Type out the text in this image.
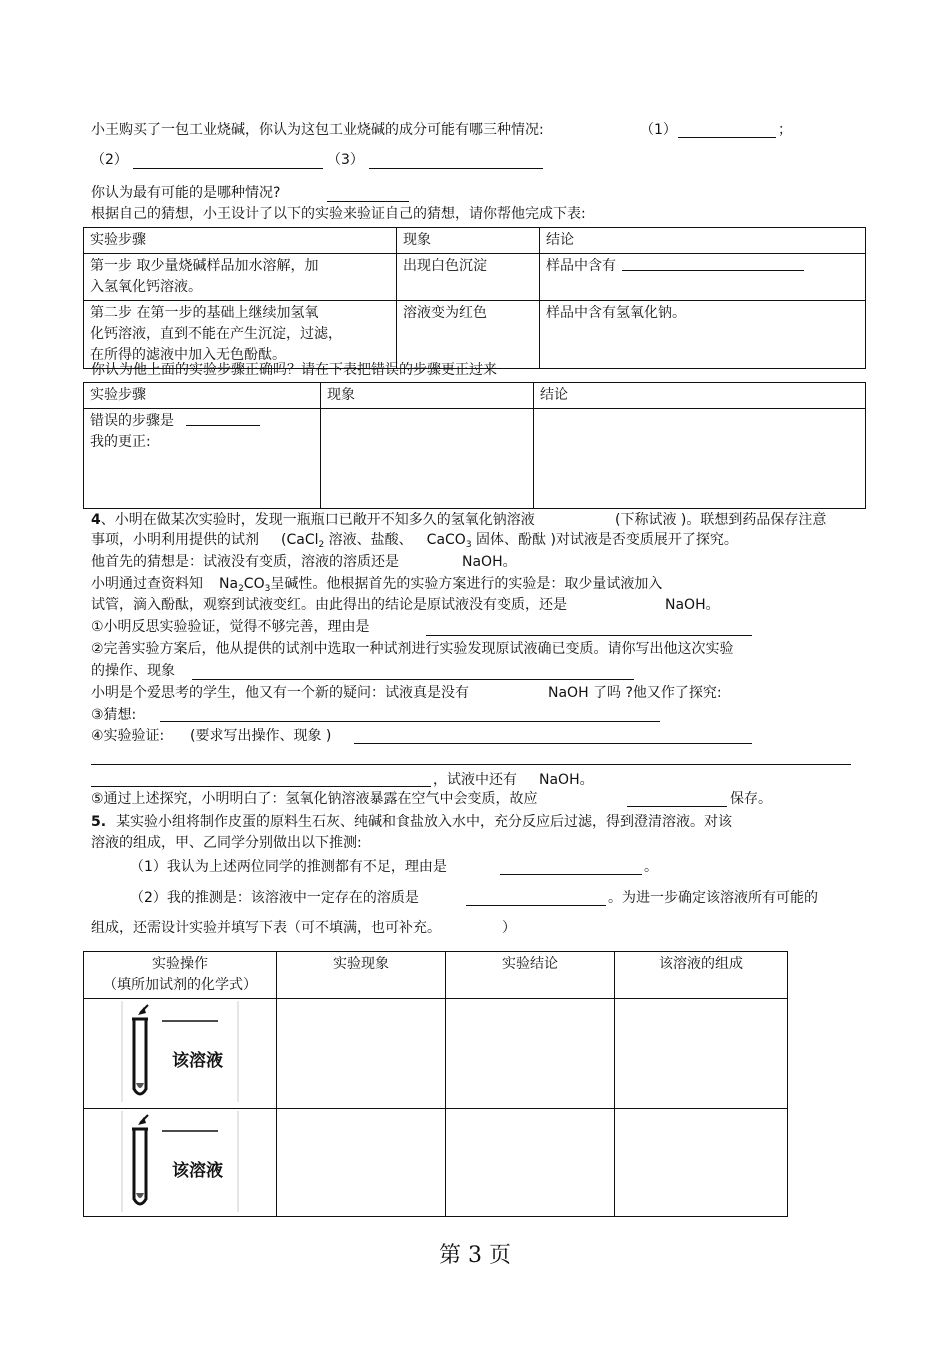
小王购买了一包工业烧碱，你认为这包工业烧碱的成分可能有哪三种情况:	（1）	；
（2）	（3）
你认为最有可能的是哪种情况?
根据自己的猜想，小王设计了以下的实验来验证自己的猜想，请你帮他完成下表:
实验步骤	现象	结论

第一步 取少量烧碱样品加水溶解，加
入氢氧化钙溶液。	出现白色沉淀	样品中含有

第二步 在第一步的基础上继续加氢氧
化钙溶液，直到不能在产生沉淀，过滤，
在所得的滤液中加入无色酚酞。	溶液变为红色	样品中含有氢氧化钠。
你认为他上面的实验步骤正确吗？请在下表把错误的步骤更正过来
实验步骤	现象	结论

错误的步骤是
我的更正:		

4、小明在做某次实验时，发现一瓶瓶口已敞开不知多久的氢氧化钠溶液	(下称试液 )。联想到药品保存注意
事项，小明利用提供的试剂 (CaCl$_2$ 溶液、盐酸、 CaCO$_3$ 固体、酚酞 )对试液是否变质展开了探究。
他首先的猜想是：试液没有变质，溶液的溶质还是	NaOH。
小明通过查资料知 $Na_2CO_3$呈碱性。他根据首先的实验方案进行的实验是：取少量试液加入
试管，滴入酚酞，观察到试液变红。由此得出的结论是原试液没有变质，还是	NaOH。
①小明反思实验验证，觉得不够完善，理由是
②完善实验方案后，他从提供的试剂中选取一种试剂进行实验发现原试液确已变质。请你写出他这次实验
的操作、现象
小明是个爱思考的学生，他又有一个新的疑问：试液真是没有	NaOH 了吗 ?他又作了探究:
③猜想:
④实验验证: (要求写出操作、现象 )
，试液中还有 NaOH。
⑤通过上述探究，小明明白了：氢氧化钠溶液暴露在空气中会变质，故应	保存。
5. 某实验小组将制作皮蛋的原料生石灰、纯碱和食盐放入水中，充分反应后过滤，得到澄清溶液。对该
溶液的组成，甲、乙同学分别做出以下推测:
（1）我认为上述两位同学的推测都有不足，理由是	。
（2）我的推测是：该溶液中一定存在的溶质是	。为进一步确定该溶液所有可能的
组成，还需设计实验并填写下表（可不填满，也可补充。	）
实验操作
（填所加试剂的化学式）	实验现象	实验结论	该溶液的组成

该溶液			

该溶液			

第 3 页
